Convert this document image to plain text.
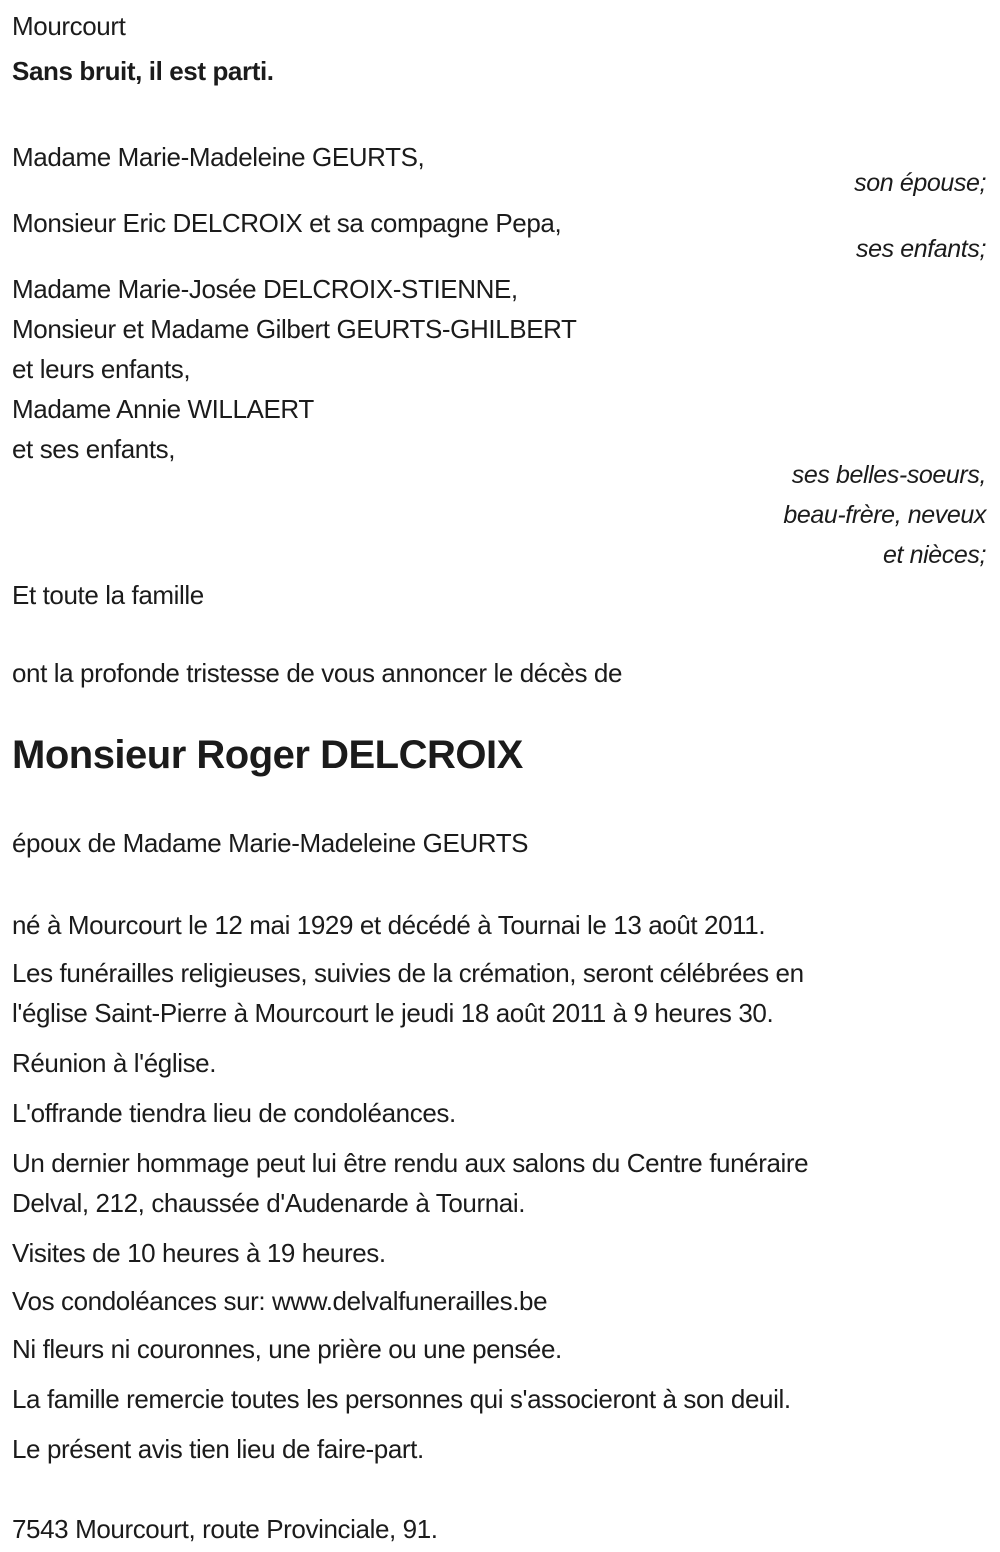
Mourcourt
Sans bruit, il est parti.
Madame Marie-Madeleine GEURTS,
son épouse;
Monsieur Eric DELCROIX et sa compagne Pepa,
ses enfants;
Madame Marie-Josée DELCROIX-STIENNE,
Monsieur et Madame Gilbert GEURTS-GHILBERT
et leurs enfants,
Madame Annie WILLAERT
et ses enfants,
ses belles-soeurs,
beau-frère, neveux
et nièces;
Et toute la famille
ont la profonde tristesse de vous annoncer le décès de
Monsieur Roger DELCROIX
époux de Madame Marie-Madeleine GEURTS
né à Mourcourt le 12 mai 1929 et décédé à Tournai le 13 août 2011.
Les funérailles religieuses, suivies de la crémation, seront célébrées en
l'église Saint-Pierre à Mourcourt le jeudi 18 août 2011 à 9 heures 30.
Réunion à l'église.
L'offrande tiendra lieu de condoléances.
Un dernier hommage peut lui être rendu aux salons du Centre funéraire
Delval, 212, chaussée d'Audenarde à Tournai.
Visites de 10 heures à 19 heures.
Vos condoléances sur: www.delvalfunerailles.be
Ni fleurs ni couronnes, une prière ou une pensée.
La famille remercie toutes les personnes qui s'associeront à son deuil.
Le présent avis tien lieu de faire-part.
7543 Mourcourt, route Provinciale, 91.
